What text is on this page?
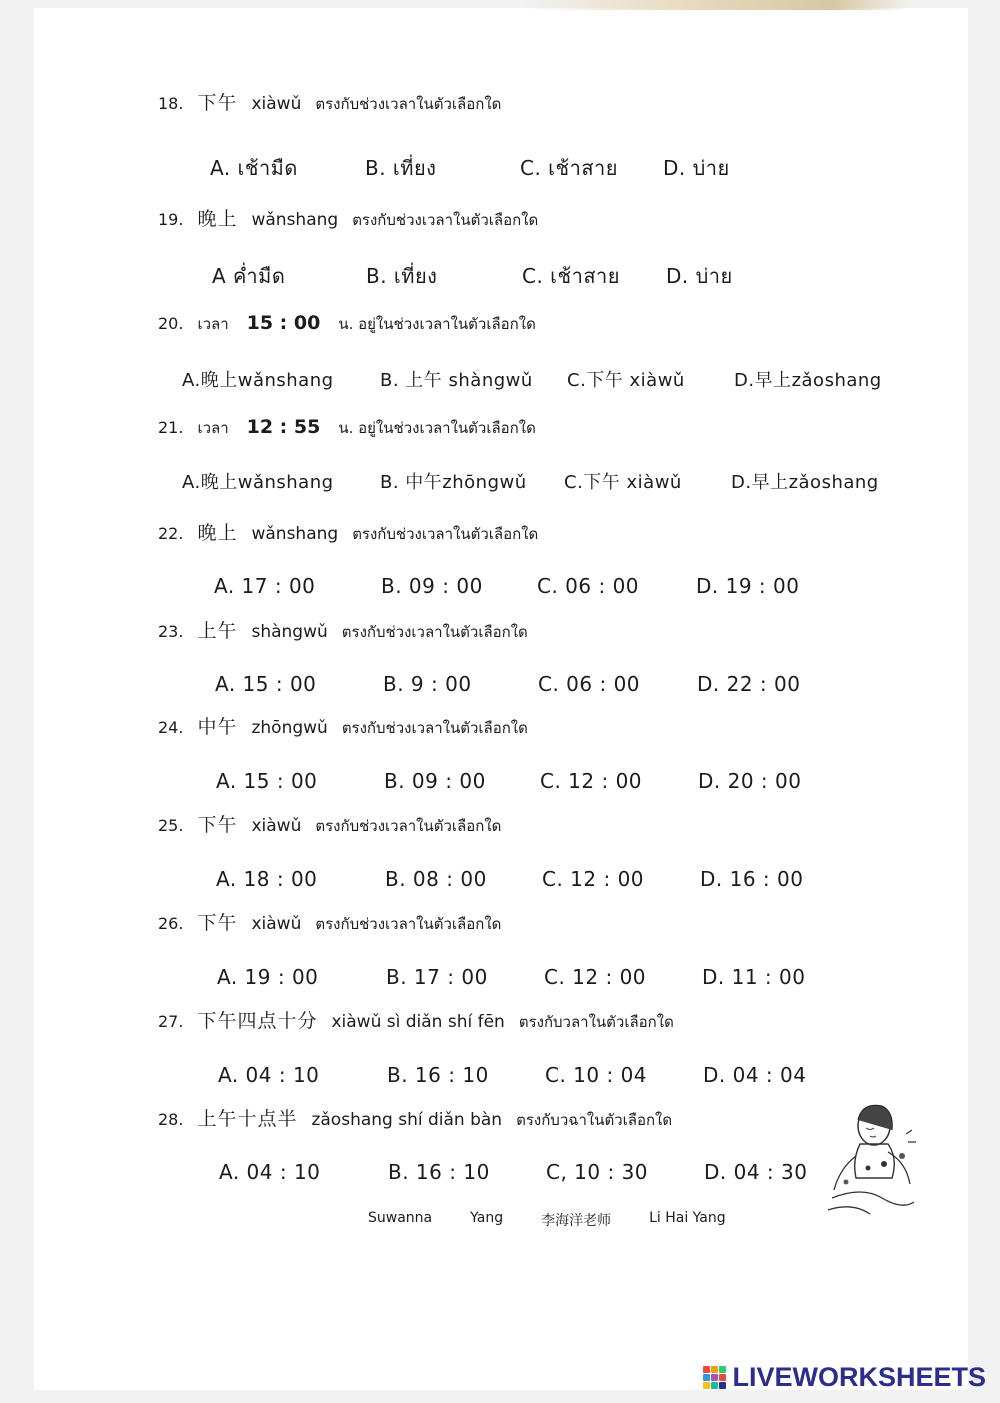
18. 下午 xiàwǔ ตรงกับช่วงเวลาในตัวเลือกใด
A. เช้ามืด	B. เที่ยง	C. เช้าสาย D. บ่าย
19. 晚上 wǎnshang ตรงกับช่วงเวลาในตัวเลือกใด
A ค่ำมืด	B. เที่ยง	C. เช้าสาย D. บ่าย
20. เวลา 15 : 00 น. อยู่ในช่วงเวลาในตัวเลือกใด
A.晚上wǎnshang	B. 上午 shàngwǔ C.下午 xiàwǔ	D.早上zǎoshang
21. เวลา 12 : 55 น. อยู่ในช่วงเวลาในตัวเลือกใด
A.晚上wǎnshang	B. 中午zhōngwǔ C.下午 xiàwǔ	D.早上zǎoshang
22. 晚上 wǎnshang ตรงกับช่วงเวลาในตัวเลือกใด
A. 17 : 00	B. 09 : 00	C. 06 : 00	D. 19 : 00
23. 上午 shàngwǔ ตรงกับช่วงเวลาในตัวเลือกใด
A. 15 : 00	B. 9 : 00	C. 06 : 00	D. 22 : 00
24. 中午 zhōngwǔ ตรงกับช่วงเวลาในตัวเลือกใด
A. 15 : 00	B. 09 : 00	C. 12 : 00	D. 20 : 00
25. 下午 xiàwǔ ตรงกับช่วงเวลาในตัวเลือกใด
A. 18 : 00	B. 08 : 00	C. 12 : 00	D. 16 : 00
26. 下午 xiàwǔ ตรงกับช่วงเวลาในตัวเลือกใด
A. 19 : 00	B. 17 : 00	C. 12 : 00	D. 11 : 00
27. 下午四点十分 xiàwǔ sì diǎn shí fēn ตรงกับวลาในตัวเลือกใด
A. 04 : 10	B. 16 : 10	C. 10 : 04	D. 04 : 04
28. 上午十点半 zǎoshang shí diǎn bàn ตรงกับวฉาในตัวเลือกใด
A. 04 : 10	B. 16 : 10	C, 10 : 30	D. 04 : 30
Suwanna	Yang	李海洋老师	Li Hai Yang
LIVEWORKSHEETS
